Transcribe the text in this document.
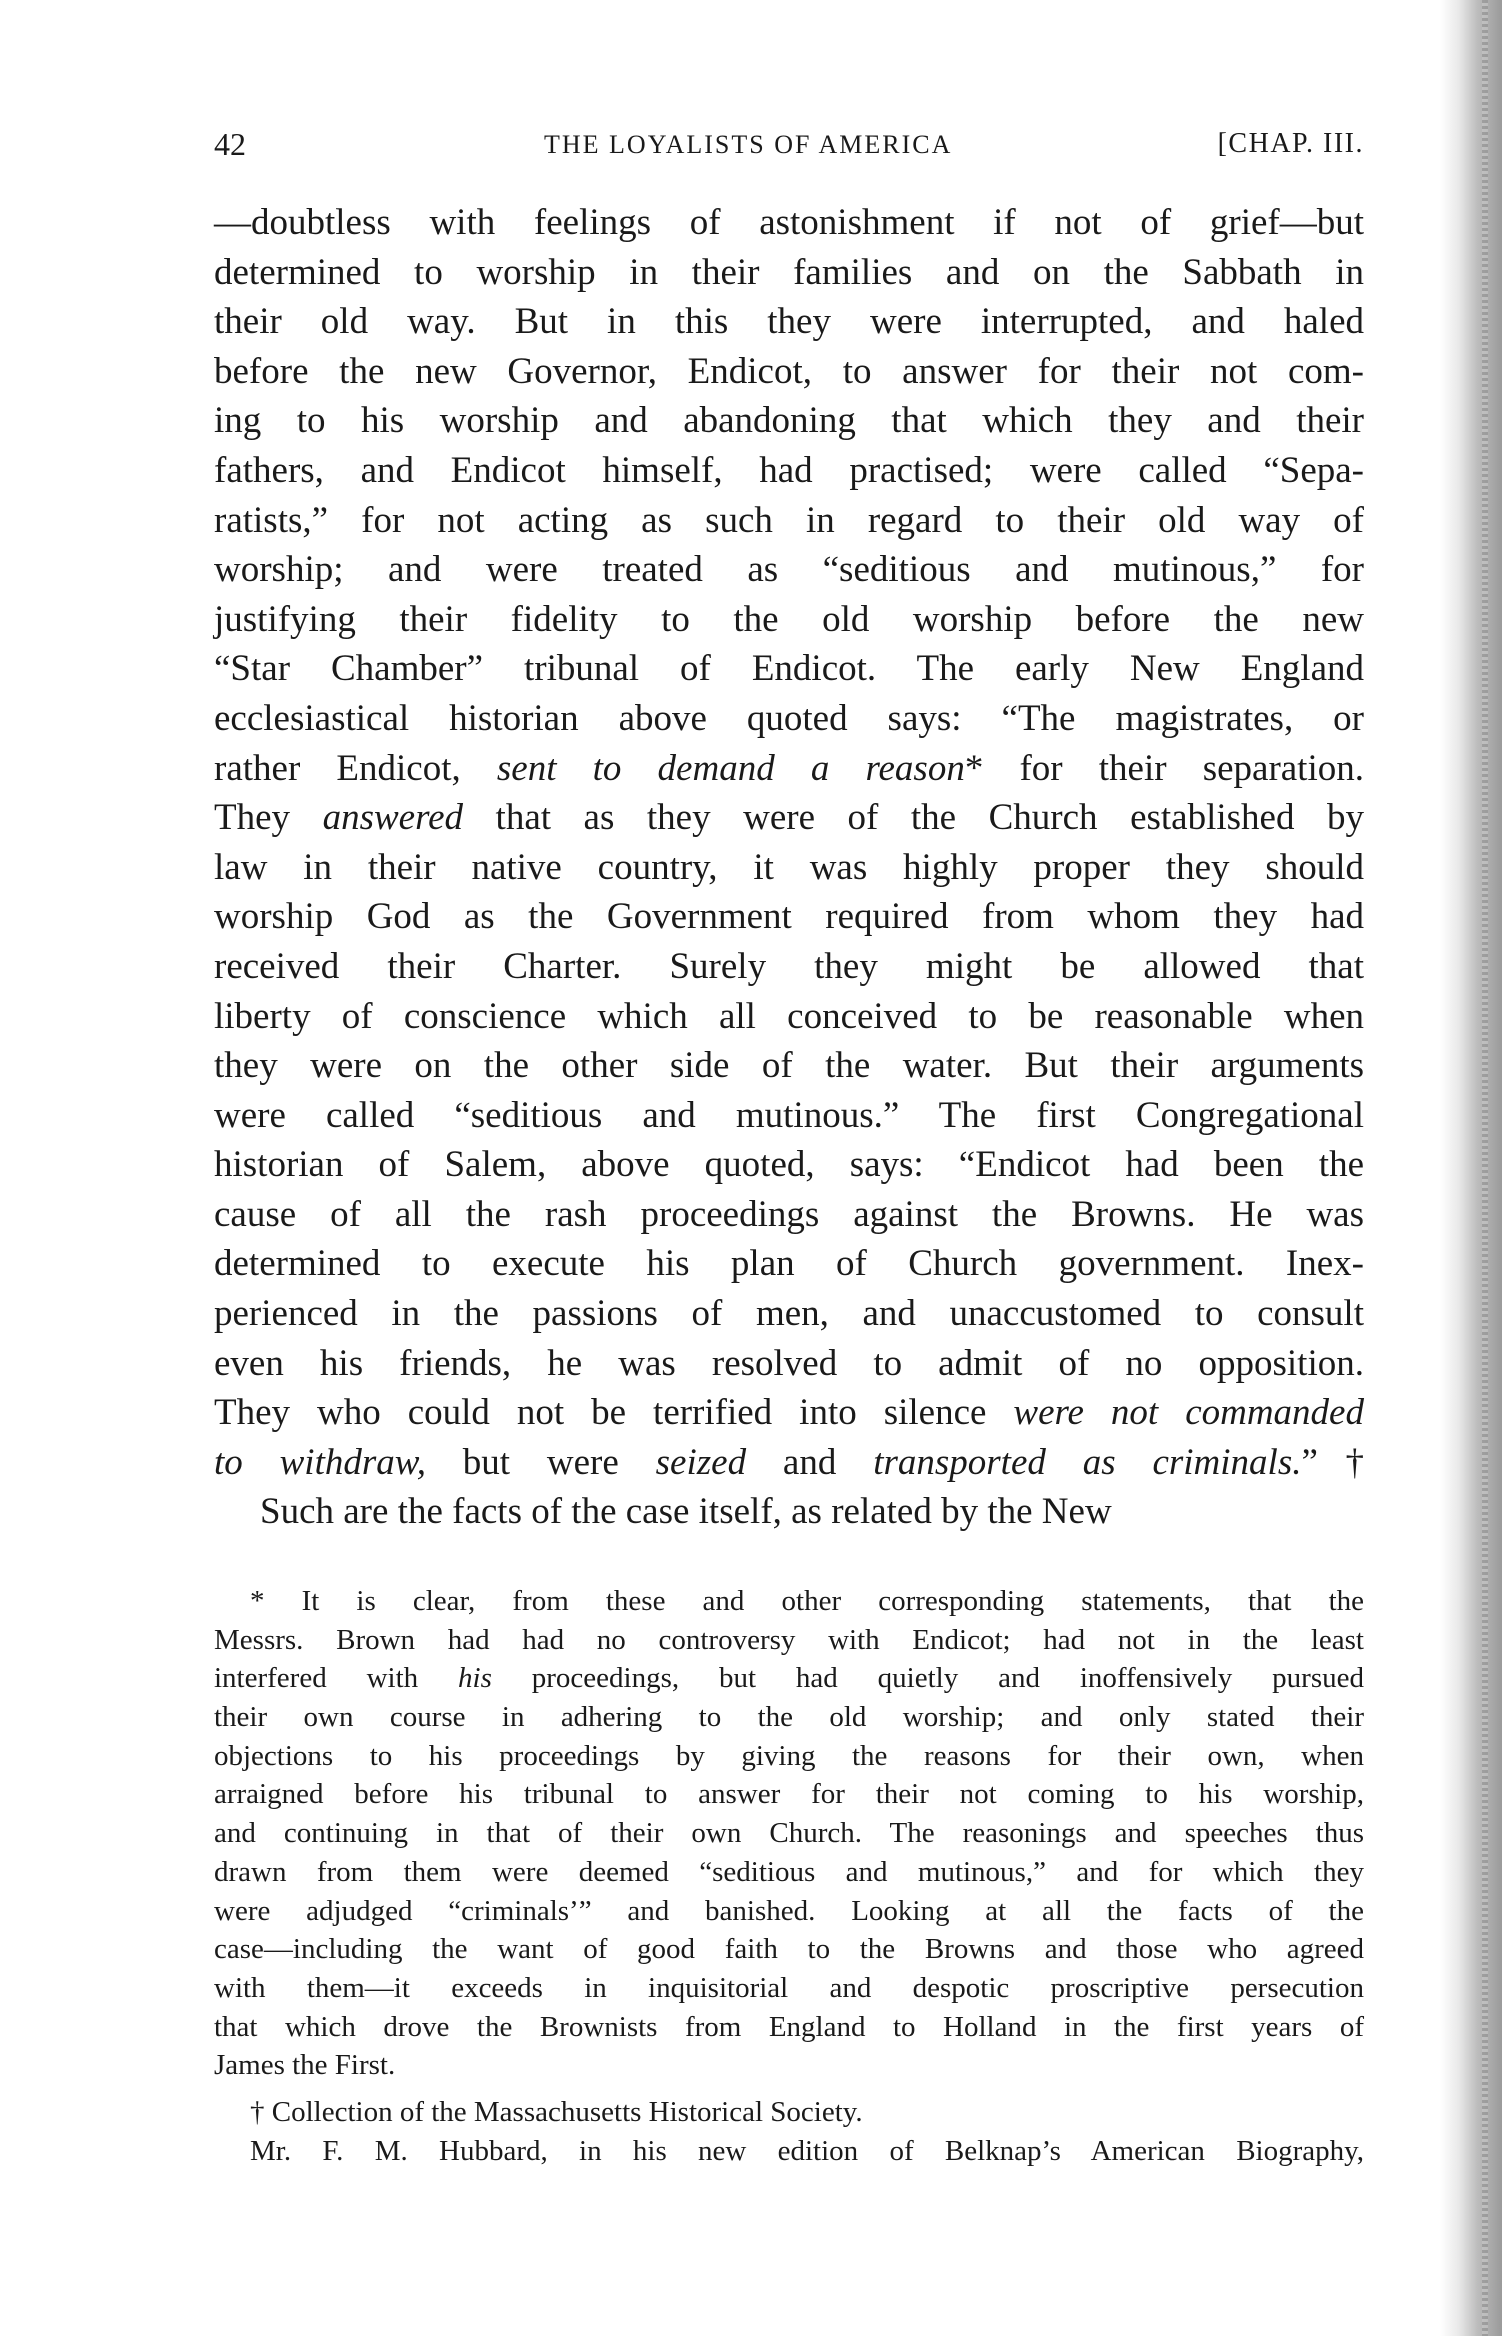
42	THE LOYALISTS OF AMERICA	[CHAP. III.
—doubtless with feelings of astonishment if not of grief—but
determined to worship in their families and on the Sabbath in
their old way. But in this they were interrupted, and haled
before the new Governor, Endicot, to answer for their not com-
ing to his worship and abandoning that which they and their
fathers, and Endicot himself, had practised; were called “Sepa-
ratists,” for not acting as such in regard to their old way of
worship; and were treated as “seditious and mutinous,” for
justifying their fidelity to the old worship before the new
“Star Chamber” tribunal of Endicot. The early New England
ecclesiastical historian above quoted says: “The magistrates, or
rather Endicot, sent to demand a reason* for their separation.
They answered that as they were of the Church established by
law in their native country, it was highly proper they should
worship God as the Government required from whom they had
received their Charter. Surely they might be allowed that
liberty of conscience which all conceived to be reasonable when
they were on the other side of the water. But their arguments
were called “seditious and mutinous.” The first Congregational
historian of Salem, above quoted, says: “Endicot had been the
cause of all the rash proceedings against the Browns. He was
determined to execute his plan of Church government. Inex-
perienced in the passions of men, and unaccustomed to consult
even his friends, he was resolved to admit of no opposition.
They who could not be terrified into silence were not commanded
to withdraw, but were seized and transported as criminals.”†
Such are the facts of the case itself, as related by the New
* It is clear, from these and other corresponding statements, that the
Messrs. Brown had had no controversy with Endicot; had not in the least
interfered with his proceedings, but had quietly and inoffensively pursued
their own course in adhering to the old worship; and only stated their
objections to his proceedings by giving the reasons for their own, when
arraigned before his tribunal to answer for their not coming to his worship,
and continuing in that of their own Church. The reasonings and speeches thus
drawn from them were deemed “seditious and mutinous,” and for which they
were adjudged “criminals’” and banished. Looking at all the facts of the
case—including the want of good faith to the Browns and those who agreed
with them—it exceeds in inquisitorial and despotic proscriptive persecution
that which drove the Brownists from England to Holland in the first years of
James the First.
† Collection of the Massachusetts Historical Society.
Mr. F. M. Hubbard, in his new edition of Belknap’s American Biography,
